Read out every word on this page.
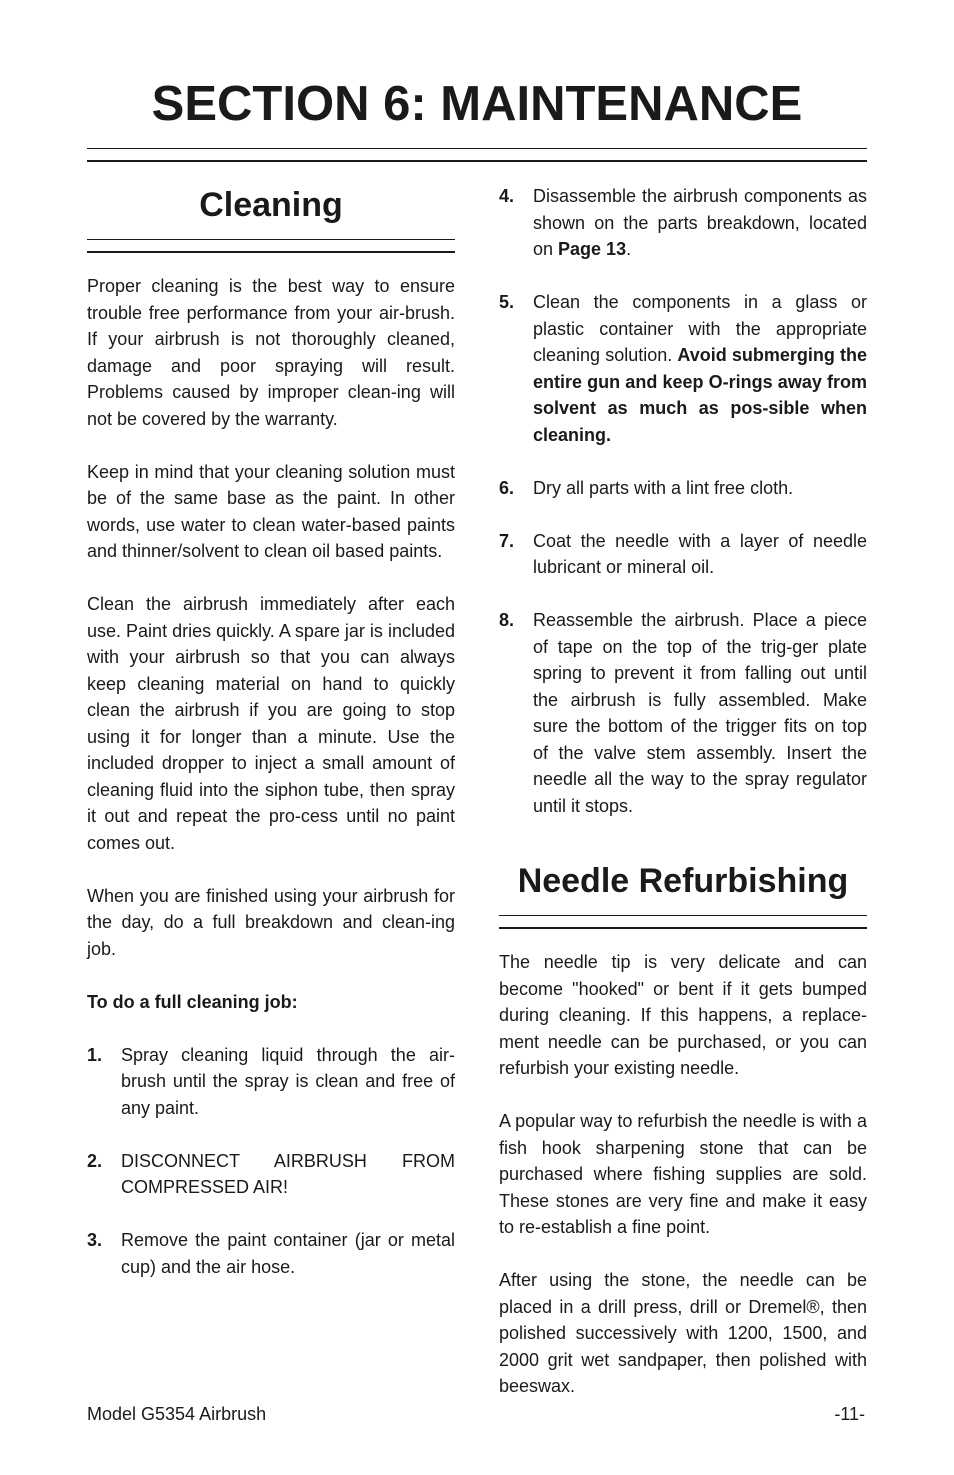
SECTION 6: MAINTENANCE
Cleaning

Proper cleaning is the best way to ensure trouble free performance from your air-brush. If your airbrush is not thoroughly cleaned, damage and poor spraying will result. Problems caused by improper clean-ing will not be covered by the warranty.

Keep in mind that your cleaning solution must be of the same base as the paint. In other words, use water to clean water-based paints and thinner/solvent to clean oil based paints.

Clean the airbrush immediately after each use. Paint dries quickly. A spare jar is included with your airbrush so that you can always keep cleaning material on hand to quickly clean the airbrush if you are going to stop using it for longer than a minute. Use the included dropper to inject a small amount of cleaning fluid into the siphon tube, then spray it out and repeat the pro-cess until no paint comes out.

When you are finished using your airbrush for the day, do a full breakdown and clean-ing job.

To do a full cleaning job:

1.	Spray cleaning liquid through the air-brush until the spray is clean and free of any paint.
2.	DISCONNECT AIRBRUSH FROM COMPRESSED AIR!
3.	Remove the paint container (jar or metal cup) and the air hose.
4.	Disassemble the airbrush components as shown on the parts breakdown, located on Page 13.
5.	Clean the components in a glass or plastic container with the appropriate cleaning solution. Avoid submerging the entire gun and keep O-rings away from solvent as much as pos-sible when cleaning.
6.	Dry all parts with a lint free cloth.
7.	Coat the needle with a layer of needle lubricant or mineral oil.
8.	Reassemble the airbrush. Place a piece of tape on the top of the trig-ger plate spring to prevent it from falling out until the airbrush is fully assembled. Make sure the bottom of the trigger fits on top of the valve stem assembly. Insert the needle all the way to the spray regulator until it stops.
Needle Refurbishing

The needle tip is very delicate and can become "hooked" or bent if it gets bumped during cleaning. If this happens, a replace-ment needle can be purchased, or you can refurbish your existing needle.

A popular way to refurbish the needle is with a fish hook sharpening stone that can be purchased where fishing supplies are sold. These stones are very fine and make it easy to re-establish a fine point.

After using the stone, the needle can be placed in a drill press, drill or Dremel®, then polished successively with 1200, 1500, and 2000 grit wet sandpaper, then polished with beeswax.

Model G5354 Airbrush	-11-
